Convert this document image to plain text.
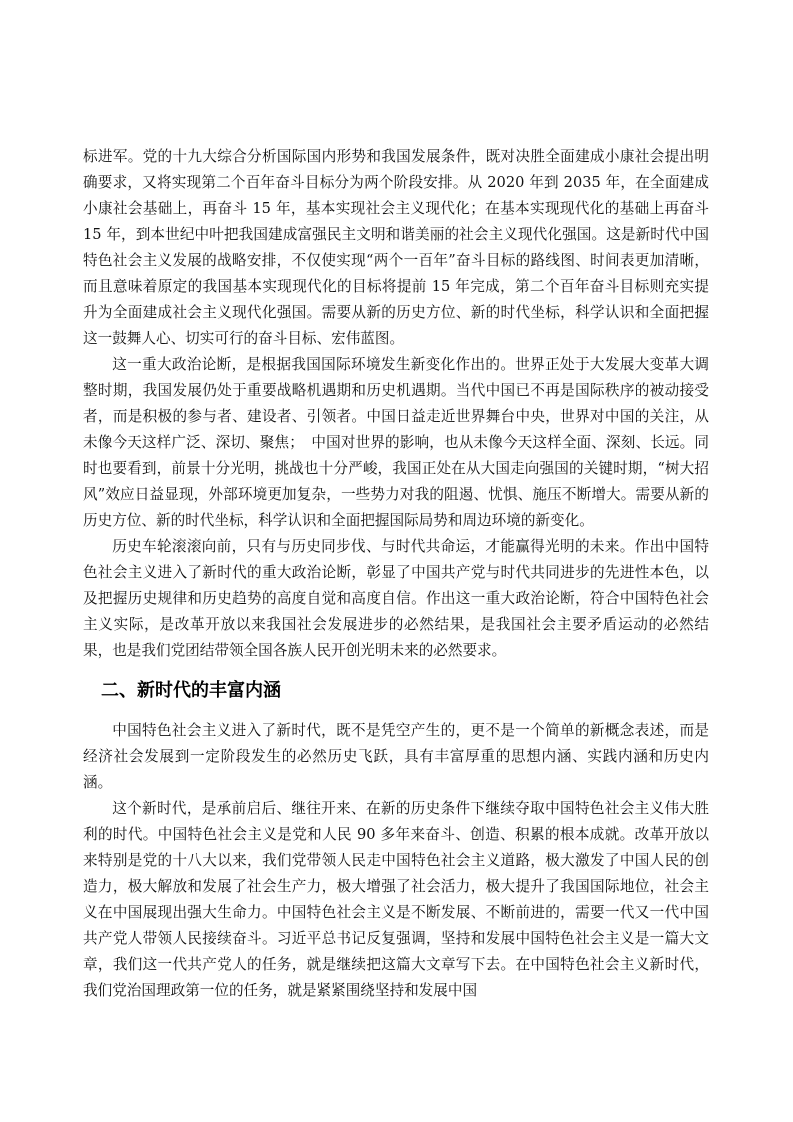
标进军。党的十九大综合分析国际国内形势和我国发展条件，既对决胜全面建成小康社会提出明确要求，又将实现第二个百年奋斗目标分为两个阶段安排。从 2020 年到 2035 年，在全面建成小康社会基础上，再奋斗 15 年，基本实现社会主义现代化；在基本实现现代化的基础上再奋斗 15 年，到本世纪中叶把我国建成富强民主文明和谐美丽的社会主义现代化强国。这是新时代中国特色社会主义发展的战略安排，不仅使实现“两个一百年”奋斗目标的路线图、时间表更加清晰，而且意味着原定的我国基本实现现代化的目标将提前 15 年完成，第二个百年奋斗目标则充实提升为全面建成社会主义现代化强国。需要从新的历史方位、新的时代坐标，科学认识和全面把握这一鼓舞人心、切实可行的奋斗目标、宏伟蓝图。

这一重大政治论断，是根据我国国际环境发生新变化作出的。世界正处于大发展大变革大调整时期，我国发展仍处于重要战略机遇期和历史机遇期。当代中国已不再是国际秩序的被动接受者，而是积极的参与者、建设者、引领者。中国日益走近世界舞台中央，世界对中国的关注，从未像今天这样广泛、深切、聚焦；　中国对世界的影响，也从未像今天这样全面、深刻、长远。同时也要看到，前景十分光明，挑战也十分严峻，我国正处在从大国走向强国的关键时期，“树大招风”效应日益显现，外部环境更加复杂，一些势力对我的阻遏、忧惧、施压不断增大。需要从新的历史方位、新的时代坐标，科学认识和全面把握国际局势和周边环境的新变化。

历史车轮滚滚向前，只有与历史同步伐、与时代共命运，才能赢得光明的未来。作出中国特色社会主义进入了新时代的重大政治论断，彰显了中国共产党与时代共同进步的先进性本色，以及把握历史规律和历史趋势的高度自觉和高度自信。作出这一重大政治论断，符合中国特色社会主义实际，是改革开放以来我国社会发展进步的必然结果，是我国社会主要矛盾运动的必然结果，也是我们党团结带领全国各族人民开创光明未来的必然要求。

二、新时代的丰富内涵

中国特色社会主义进入了新时代，既不是凭空产生的，更不是一个简单的新概念表述，而是经济社会发展到一定阶段发生的必然历史飞跃，具有丰富厚重的思想内涵、实践内涵和历史内涵。

这个新时代，是承前启后、继往开来、在新的历史条件下继续夺取中国特色社会主义伟大胜利的时代。中国特色社会主义是党和人民 90 多年来奋斗、创造、积累的根本成就。改革开放以来特别是党的十八大以来，我们党带领人民走中国特色社会主义道路，极大激发了中国人民的创造力，极大解放和发展了社会生产力，极大增强了社会活力，极大提升了我国国际地位，社会主义在中国展现出强大生命力。中国特色社会主义是不断发展、不断前进的，需要一代又一代中国共产党人带领人民接续奋斗。习近平总书记反复强调，坚持和发展中国特色社会主义是一篇大文章，我们这一代共产党人的任务，就是继续把这篇大文章写下去。在中国特色社会主义新时代，我们党治国理政第一位的任务，就是紧紧围绕坚持和发展中国
